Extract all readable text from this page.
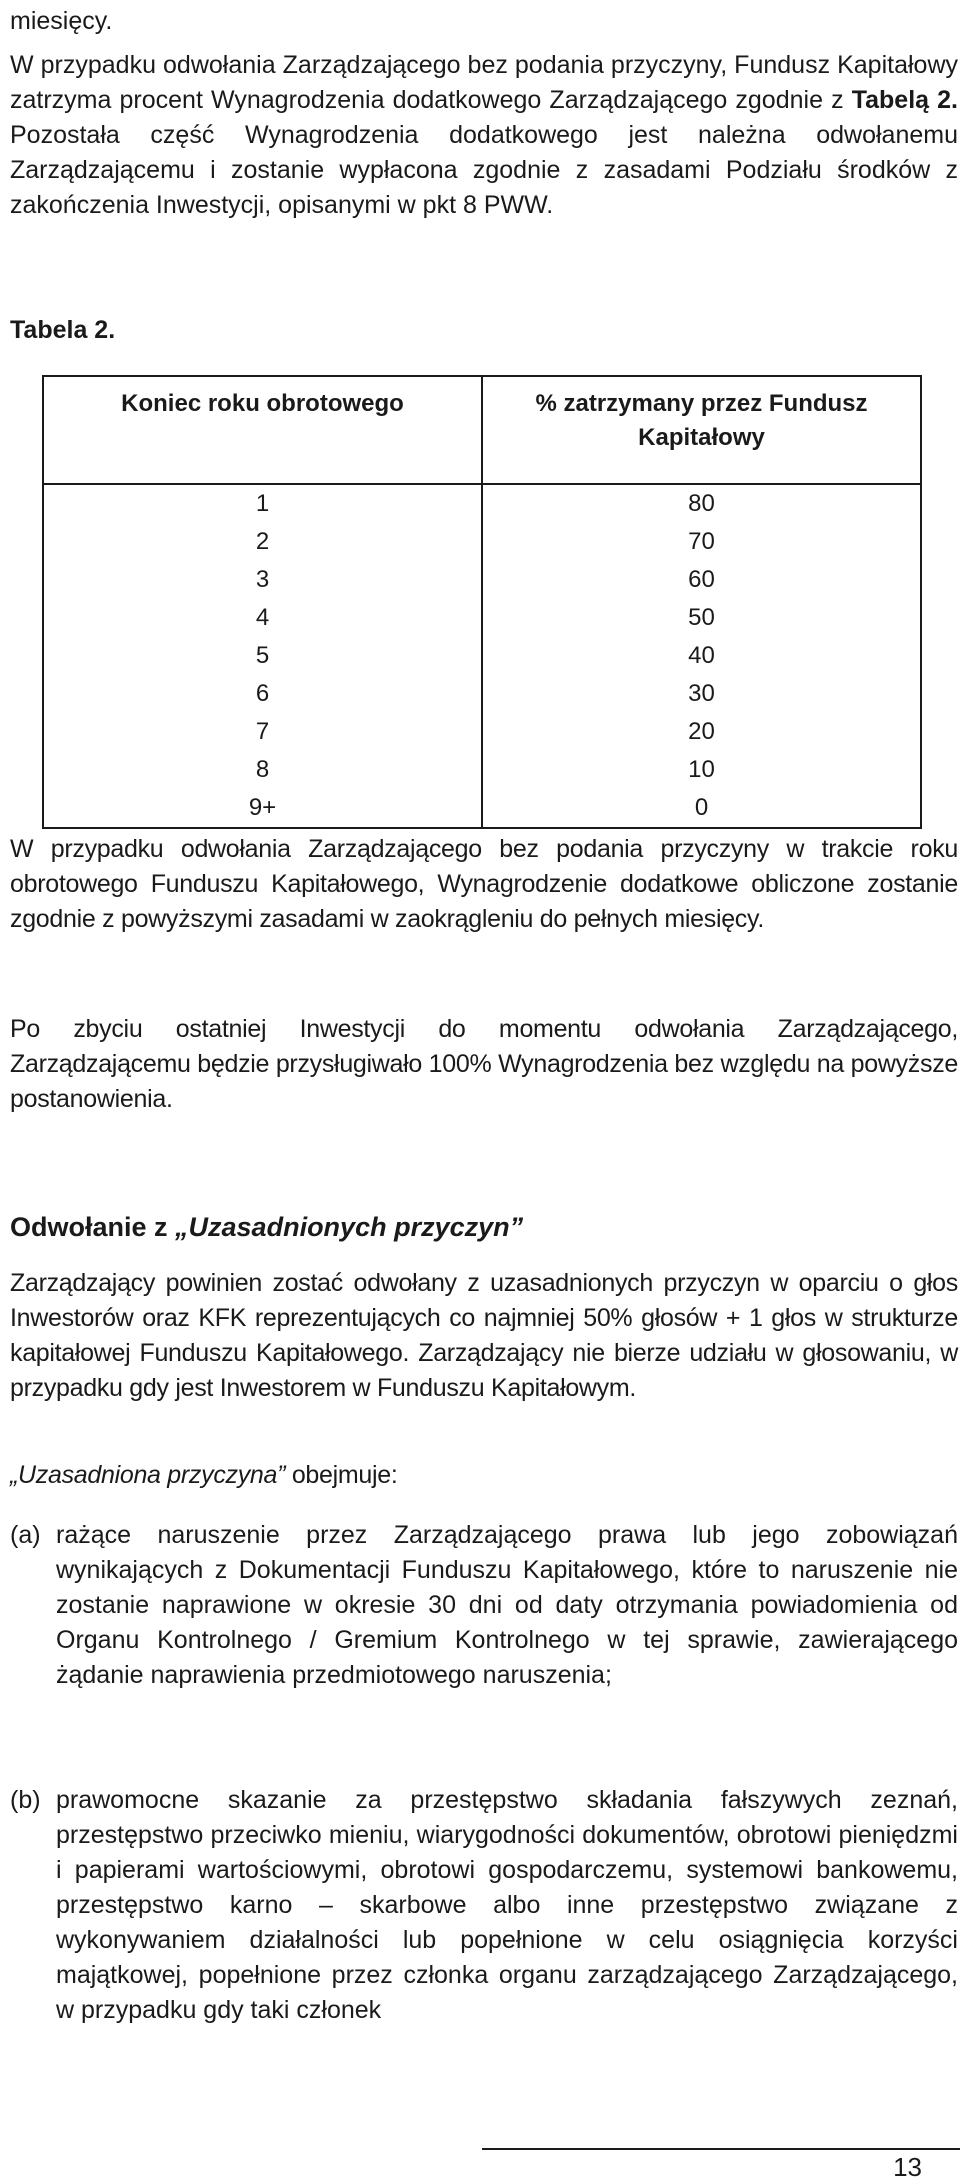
miesięcy.
W przypadku odwołania Zarządzającego bez podania przyczyny, Fundusz Kapitałowy zatrzyma procent Wynagrodzenia dodatkowego Zarządzającego zgodnie z Tabelą 2. Pozostała część Wynagrodzenia dodatkowego jest należna odwołanemu Zarządzającemu i zostanie wypłacona zgodnie z zasadami Podziału środków z zakończenia Inwestycji, opisanymi w pkt 8 PWW.
Tabela 2.
Koniec roku obrotowego	% zatrzymany przez Fundusz Kapitałowy
1	80
2	70
3	60
4	50
5	40
6	30
7	20
8	10
9+	0
W przypadku odwołania Zarządzającego bez podania przyczyny w trakcie roku obrotowego Funduszu Kapitałowego, Wynagrodzenie dodatkowe obliczone zostanie zgodnie z powyższymi zasadami w zaokrągleniu do pełnych miesięcy.
Po zbyciu ostatniej Inwestycji do momentu odwołania Zarządzającego, Zarządzającemu będzie przysługiwało 100% Wynagrodzenia bez względu na powyższe postanowienia.
Odwołanie z „Uzasadnionych przyczyn”
Zarządzający powinien zostać odwołany z uzasadnionych przyczyn w oparciu o głos Inwestorów oraz KFK reprezentujących co najmniej 50% głosów + 1 głos w strukturze kapitałowej Funduszu Kapitałowego. Zarządzający nie bierze udziału w głosowaniu, w przypadku gdy jest Inwestorem w Funduszu Kapitałowym.
„Uzasadniona przyczyna” obejmuje:
(a) rażące naruszenie przez Zarządzającego prawa lub jego zobowiązań wynikających z Dokumentacji Funduszu Kapitałowego, które to naruszenie nie zostanie naprawione w okresie 30 dni od daty otrzymania powiadomienia od Organu Kontrolnego / Gremium Kontrolnego w tej sprawie, zawierającego żądanie naprawienia przedmiotowego naruszenia;
(b) prawomocne skazanie za przestępstwo składania fałszywych zeznań, przestępstwo przeciwko mieniu, wiarygodności dokumentów, obrotowi pieniędzmi i papierami wartościowymi, obrotowi gospodarczemu, systemowi bankowemu, przestępstwo karno – skarbowe albo inne przestępstwo związane z wykonywaniem działalności lub popełnione w celu osiągnięcia korzyści majątkowej, popełnione przez członka organu zarządzającego Zarządzającego, w przypadku gdy taki członek
13
